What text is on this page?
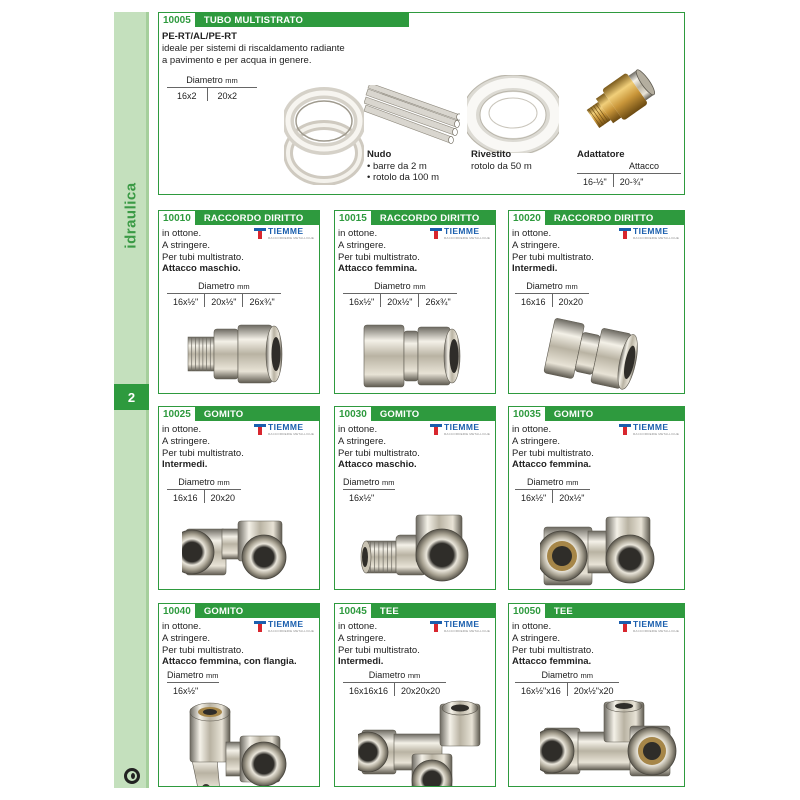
idraulica
2
10005	TUBO MULTISTRATO
PE-RT/AL/PE-RT
ideale per sistemi di riscaldamento radiante
a pavimento e per acqua in genere.
Diametro mm
16x2	20x2
Nudo
• barre da 2 m
• rotolo da 100 m
Rivestito
rotolo da 50 m
Adattatore
Attacco
16-½"	20-¾"
10010	RACCORDO DIRITTO
TIEMME
RACCORDERIE METALLICHE
in ottone.
A stringere.
Per tubi multistrato.
Attacco maschio.
Diametro mm
16x½"	20x½"	26x¾"
10015	RACCORDO DIRITTO
TIEMME
RACCORDERIE METALLICHE
in ottone.
A stringere.
Per tubi multistrato.
Attacco femmina.
Diametro mm
16x½"	20x½"	26x¾"
10020	RACCORDO DIRITTO
TIEMME
RACCORDERIE METALLICHE
in ottone.
A stringere.
Per tubi multistrato.
Intermedi.
Diametro mm
16x16	20x20
10025	GOMITO
TIEMME
RACCORDERIE METALLICHE
in ottone.
A stringere.
Per tubi multistrato.
Intermedi.
Diametro mm
16x16	20x20
10030	GOMITO
TIEMME
RACCORDERIE METALLICHE
in ottone.
A stringere.
Per tubi multistrato.
Attacco maschio.
Diametro mm
16x½"
10035	GOMITO
TIEMME
RACCORDERIE METALLICHE
in ottone.
A stringere.
Per tubi multistrato.
Attacco femmina.
Diametro mm
16x½"	20x½"
10040	GOMITO
TIEMME
RACCORDERIE METALLICHE
in ottone.
A stringere.
Per tubi multistrato.
Attacco femmina, con flangia.
Diametro mm
16x½"
10045	TEE
TIEMME
RACCORDERIE METALLICHE
in ottone.
A stringere.
Per tubi multistrato.
Intermedi.
Diametro mm
16x16x16	20x20x20
10050	TEE
TIEMME
RACCORDERIE METALLICHE
in ottone.
A stringere.
Per tubi multistrato.
Attacco femmina.
Diametro mm
16x½"x16	20x½"x20
